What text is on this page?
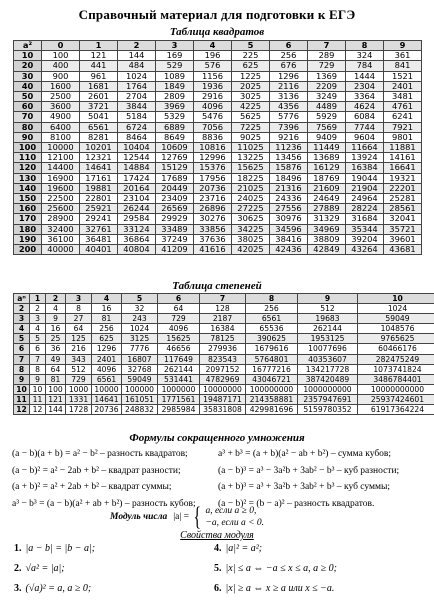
Справочный материал для подготовки к ЕГЭ
Таблица квадратов
a²	0	1	2	3	4	5	6	7	8	9
10	100	121	144	169	196	225	256	289	324	361
20	400	441	484	529	576	625	676	729	784	841
30	900	961	1024	1089	1156	1225	1296	1369	1444	1521
40	1600	1681	1764	1849	1936	2025	2116	2209	2304	2401
50	2500	2601	2704	2809	2916	3025	3136	3249	3364	3481
60	3600	3721	3844	3969	4096	4225	4356	4489	4624	4761
70	4900	5041	5184	5329	5476	5625	5776	5929	6084	6241
80	6400	6561	6724	6889	7056	7225	7396	7569	7744	7921
90	8100	8281	8464	8649	8836	9025	9216	9409	9604	9801
100	10000	10201	10404	10609	10816	11025	11236	11449	11664	11881
110	12100	12321	12544	12769	12996	13225	13456	13689	13924	14161
120	14400	14641	14884	15129	15376	15625	15876	16129	16384	16641
130	16900	17161	17424	17689	17956	18225	18496	18769	19044	19321
140	19600	19881	20164	20449	20736	21025	21316	21609	21904	22201
150	22500	22801	23104	23409	23716	24025	24336	24649	24964	25281
160	25600	25921	26244	26569	26896	27225	27556	27889	28224	28561
170	28900	29241	29584	29929	30276	30625	30976	31329	31684	32041
180	32400	32761	33124	33489	33856	34225	34596	34969	35344	35721
190	36100	36481	36864	37249	37636	38025	38416	38809	39204	39601
200	40000	40401	40804	41209	41616	42025	42436	42849	43264	43681
Таблица степеней
aⁿ	1	2	3	4	5	6	7	8	9	10
2	2	4	8	16	32	64	128	256	512	1024
3	3	9	27	81	243	729	2187	6561	19683	59049
4	4	16	64	256	1024	4096	16384	65536	262144	1048576
5	5	25	125	625	3125	15625	78125	390625	1953125	9765625
6	6	36	216	1296	7776	46656	279936	1679616	10077696	60466176
7	7	49	343	2401	16807	117649	823543	5764801	40353607	282475249
8	8	64	512	4096	32768	262144	2097152	16777216	134217728	1073741824
9	9	81	729	6561	59049	531441	4782969	43046721	387420489	3486784401
10	10	100	1000	10000	100000	1000000	10000000	100000000	1000000000	10000000000
11	11	121	1331	14641	161051	1771561	19487171	214358881	2357947691	25937424601
12	12	144	1728	20736	248832	2985984	35831808	429981696	5159780352	61917364224
Формулы сокращенного умножения
(a − b)(a + b) = a² − b² – разность квадратов;
(a − b)² = a² − 2ab + b² – квадрат разности;
(a + b)² = a² + 2ab + b² – квадрат суммы;
a³ − b³ = (a − b)(a² + ab + b²) – разность кубов;
a³ + b³ = (a + b)(a² − ab + b²) – сумма кубов;
(a − b)³ = a³ − 3a²b + 3ab² − b³ – куб разности;
(a + b)³ = a³ + 3a²b + 3ab² + b³ – куб суммы;
(a − b)² = (b − a)² – разность квадратов.
Модуль числа |a| = { a, если a ≥ 0,
−a, если a < 0.
Свойства модуля
1. |a − b| = |b − a|;
2. √a² = |a|;
3. (√a)² = a, a ≥ 0;
4. |a|² = a²;
5. |x| ≤ a ⇔ −a ≤ x ≤ a, a ≥ 0;
6. |x| ≥ a ⇔ x ≥ a или x ≤ −a.
